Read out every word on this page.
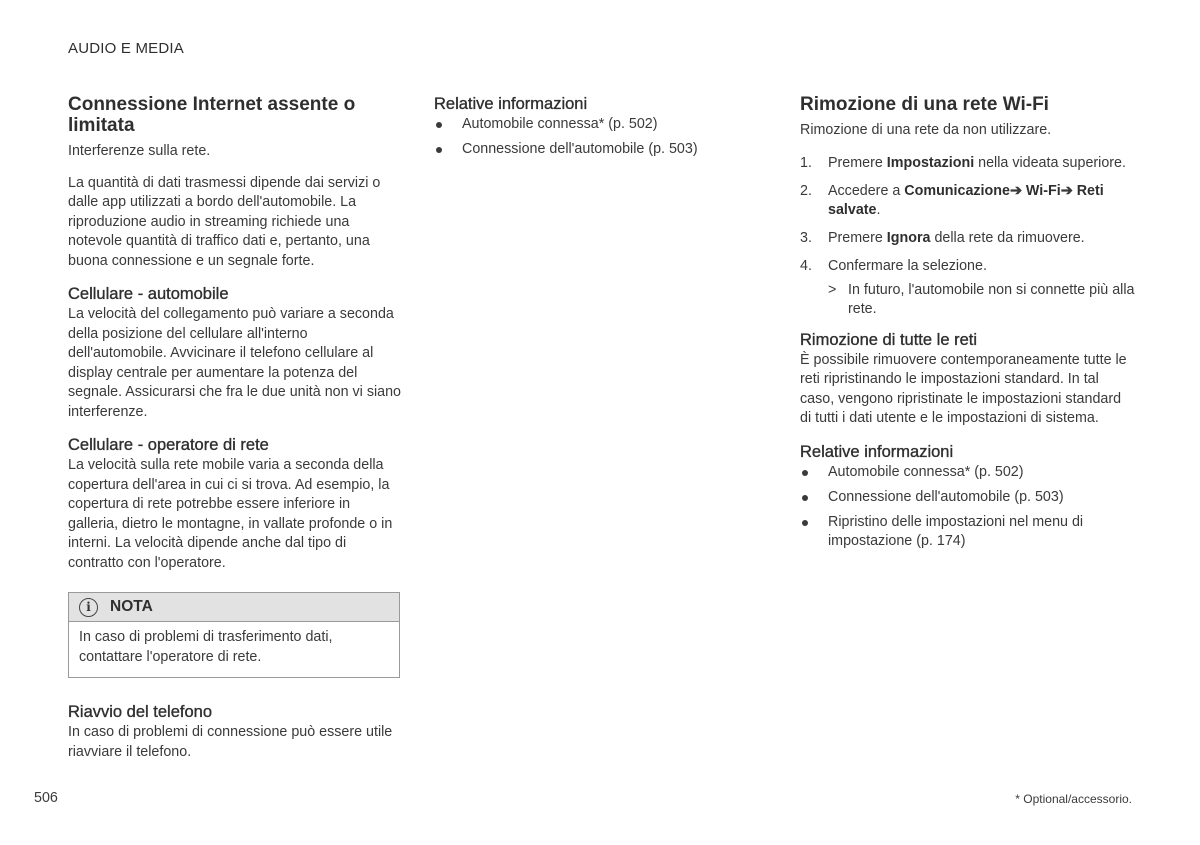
AUDIO E MEDIA
Connessione Internet assente o limitata

Interferenze sulla rete.

La quantità di dati trasmessi dipende dai servizi o dalle app utilizzati a bordo dell'automobile. La riproduzione audio in streaming richiede una notevole quantità di traffico dati e, pertanto, una buona connessione e un segnale forte.

Cellulare - automobile

La velocità del collegamento può variare a seconda della posizione del cellulare all'interno dell'automobile. Avvicinare il telefono cellulare al display centrale per aumentare la potenza del segnale. Assicurarsi che fra le due unità non vi siano interferenze.

Cellulare - operatore di rete

La velocità sulla rete mobile varia a seconda della copertura dell'area in cui ci si trova. Ad esempio, la copertura di rete potrebbe essere inferiore in galleria, dietro le montagne, in vallate profonde o in interni. La velocità dipende anche dal tipo di contratto con l'operatore.

i	NOTA

In caso di problemi di trasferimento dati, contattare l'operatore di rete.

Riavvio del telefono

In caso di problemi di connessione può essere utile riavviare il telefono.

Relative informazioni
Automobile connessa* (p. 502)
Connessione dell'automobile (p. 503)
Rimozione di una rete Wi-Fi

Rimozione di una rete da non utilizzare.

1. Premere Impostazioni nella videata superiore.
2. Accedere a Comunicazione➔ Wi-Fi➔ Reti salvate.
3. Premere Ignora della rete da rimuovere.
4. Confermare la selezione.
> In futuro, l'automobile non si connette più alla rete.
Rimozione di tutte le reti

È possibile rimuovere contemporaneamente tutte le reti ripristinando le impostazioni standard. In tal caso, vengono ripristinate le impostazioni standard di tutti i dati utente e le impostazioni di sistema.

Relative informazioni
Automobile connessa* (p. 502)
Connessione dell'automobile (p. 503)
Ripristino delle impostazioni nel menu di impostazione (p. 174)
506	* Optional/accessorio.
